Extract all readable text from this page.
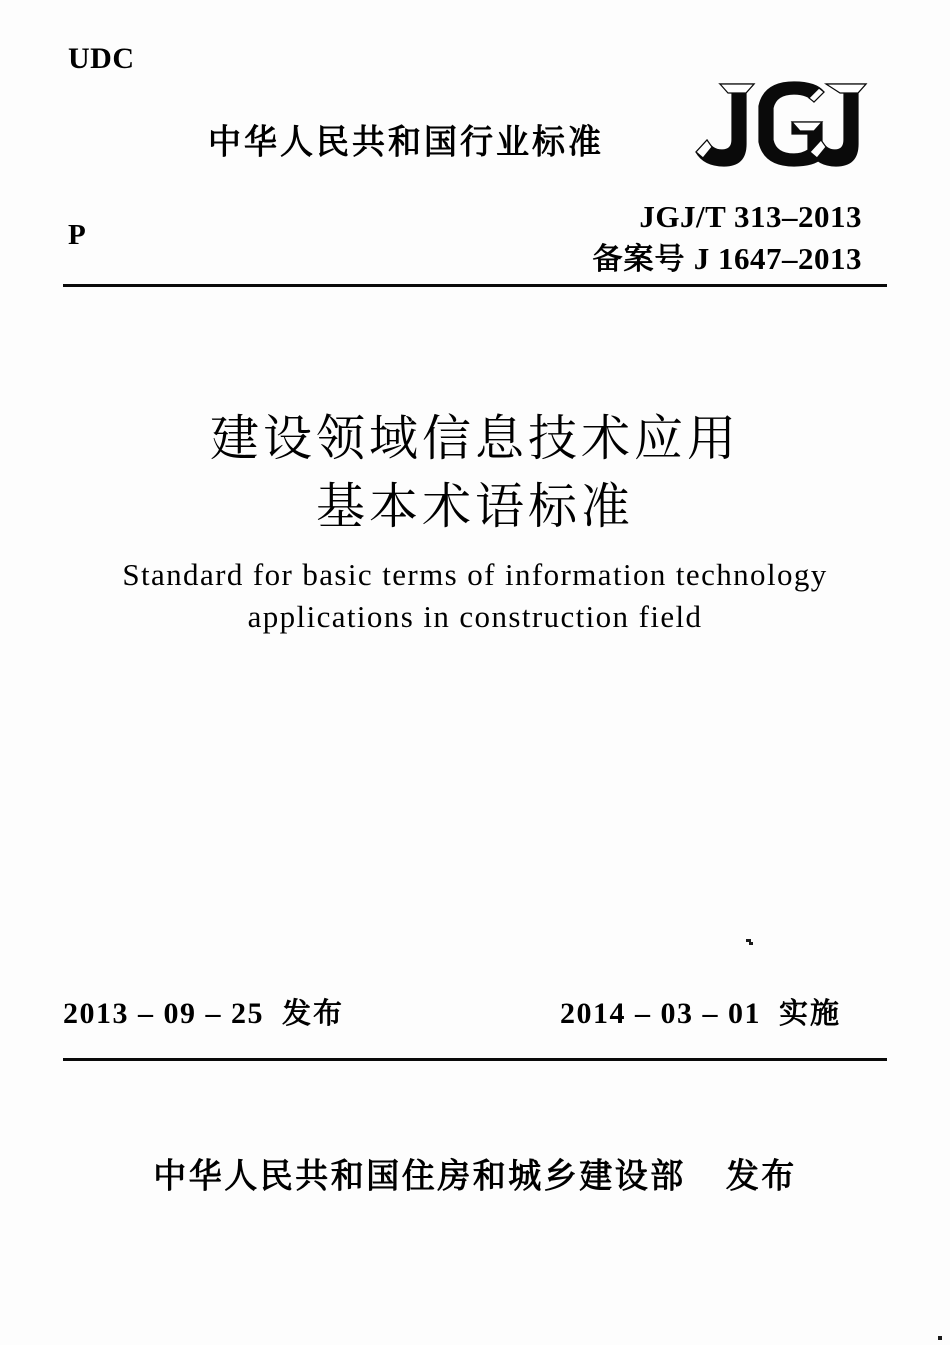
UDC
中华人民共和国行业标准
P
JGJ/T 313–2013
备案号 J 1647–2013
建设领域信息技术应用
基本术语标准
Standard for basic terms of information technology
applications in construction field
2013 – 09 – 25 发布	2014 – 03 – 01 实施
中华人民共和国住房和城乡建设部 发布
